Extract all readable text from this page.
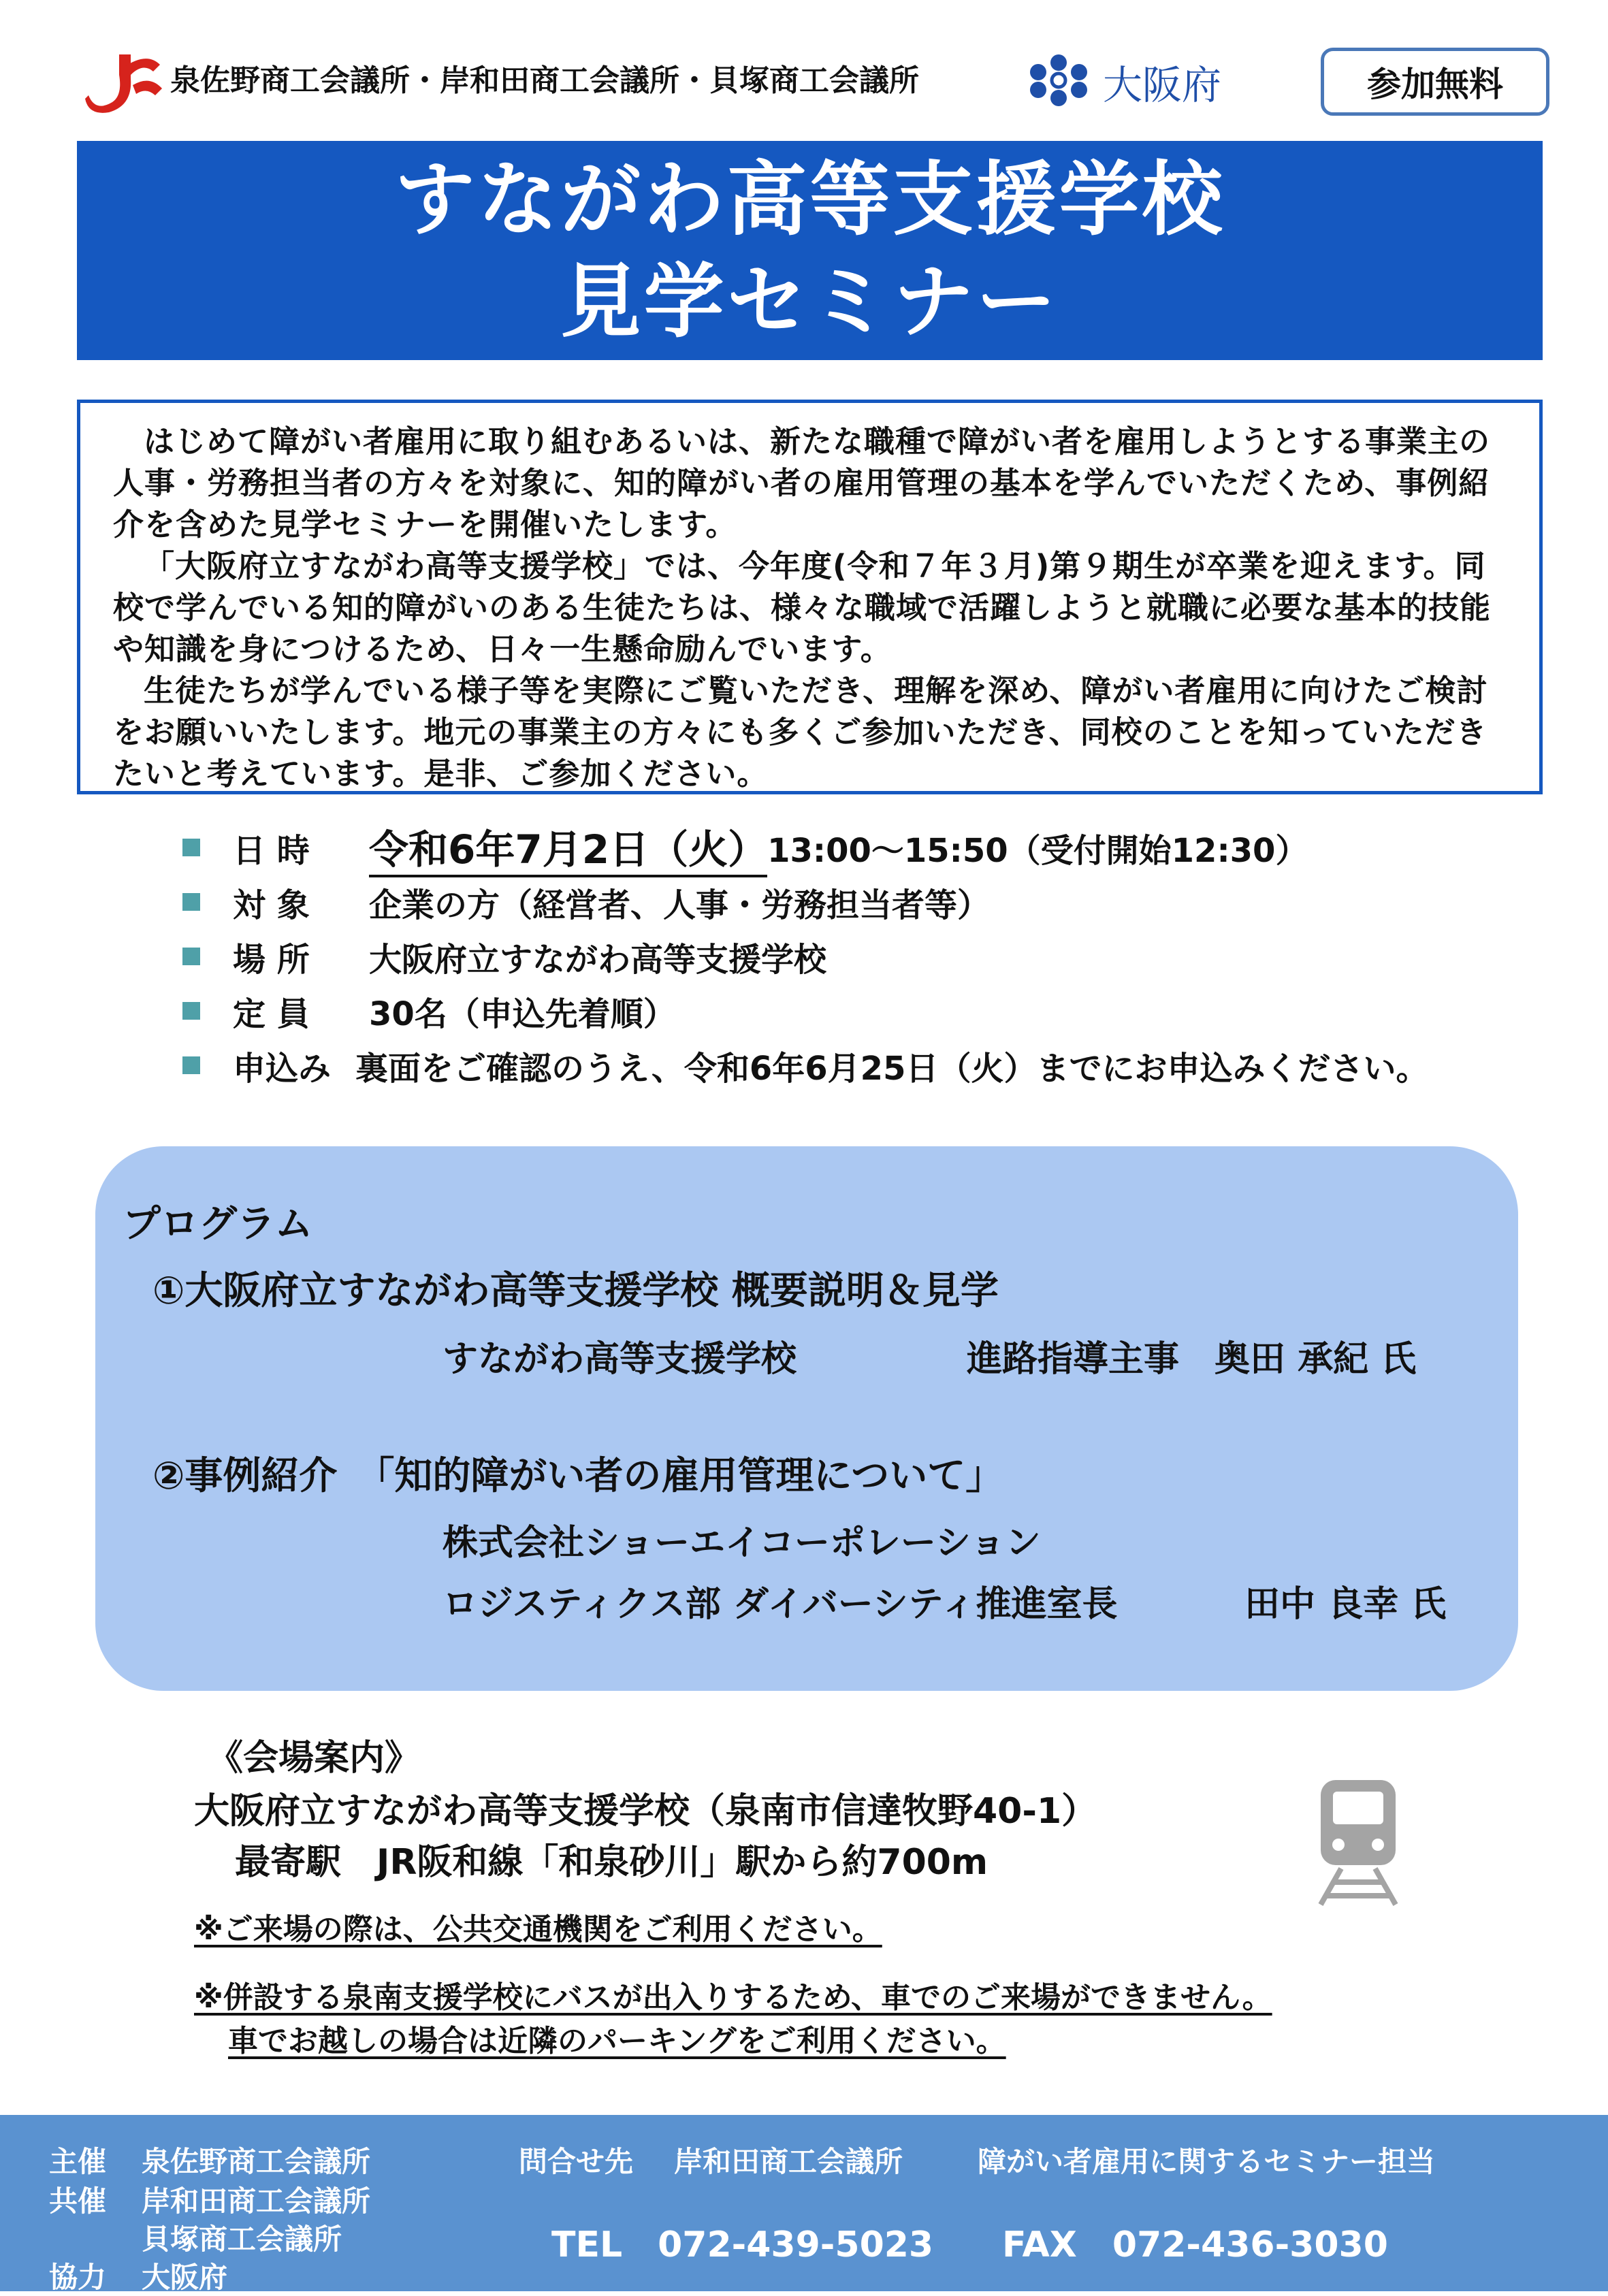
泉佐野商工会議所・岸和田商工会議所・貝塚商工会議所	大阪府	参加無料
すながわ高等支援学校
見学セミナー

はじめて障がい者雇用に取り組むあるいは、新たな職種で障がい者を雇用しようとする事業主の人事・労務担当者の方々を対象に、知的障がい者の雇用管理の基本を学んでいただくため、事例紹介を含めた見学セミナーを開催いたします。

「大阪府立すながわ高等支援学校」では、今年度(令和７年３月)第９期生が卒業を迎えます。同校で学んでいる知的障がいのある生徒たちは、様々な職域で活躍しようと就職に必要な基本的技能や知識を身につけるため、日々一生懸命励んでいます。

生徒たちが学んでいる様子等を実際にご覧いただき、理解を深め、障がい者雇用に向けたご検討をお願いいたします。地元の事業主の方々にも多くご参加いただき、同校のことを知っていただきたいと考えています。是非、ご参加ください。

日 時	令和6年7月2日（火） 13:00～15:50（受付開始12:30）
対 象	企業の方（経営者、人事・労務担当者等）
場 所	大阪府立すながわ高等支援学校
定 員	30名（申込先着順）
申込み 裏面をご確認のうえ、令和6年6月25日（火）までにお申込みください。
プログラム
①大阪府立すながわ高等支援学校 概要説明＆見学
すながわ高等支援学校	進路指導主事　奥田 承紀 氏
②事例紹介　「知的障がい者の雇用管理について」
株式会社ショーエイコーポレーション
ロジスティクス部 ダイバーシティ推進室長	田中 良幸 氏
《会場案内》
大阪府立すながわ高等支援学校（泉南市信達牧野40-1）
最寄駅　JR阪和線「和泉砂川」駅から約700m
※ご来場の際は、公共交通機関をご利用ください。
※併設する泉南支援学校にバスが出入りするため、車でのご来場ができません。
車でお越しの場合は近隣のパーキングをご利用ください。
主催 泉佐野商工会議所
共催 岸和田商工会議所
貝塚商工会議所
協力 大阪府
問合せ先 岸和田商工会議所	障がい者雇用に関するセミナー担当
TEL　072-439-5023 FAX　072-436-3030
